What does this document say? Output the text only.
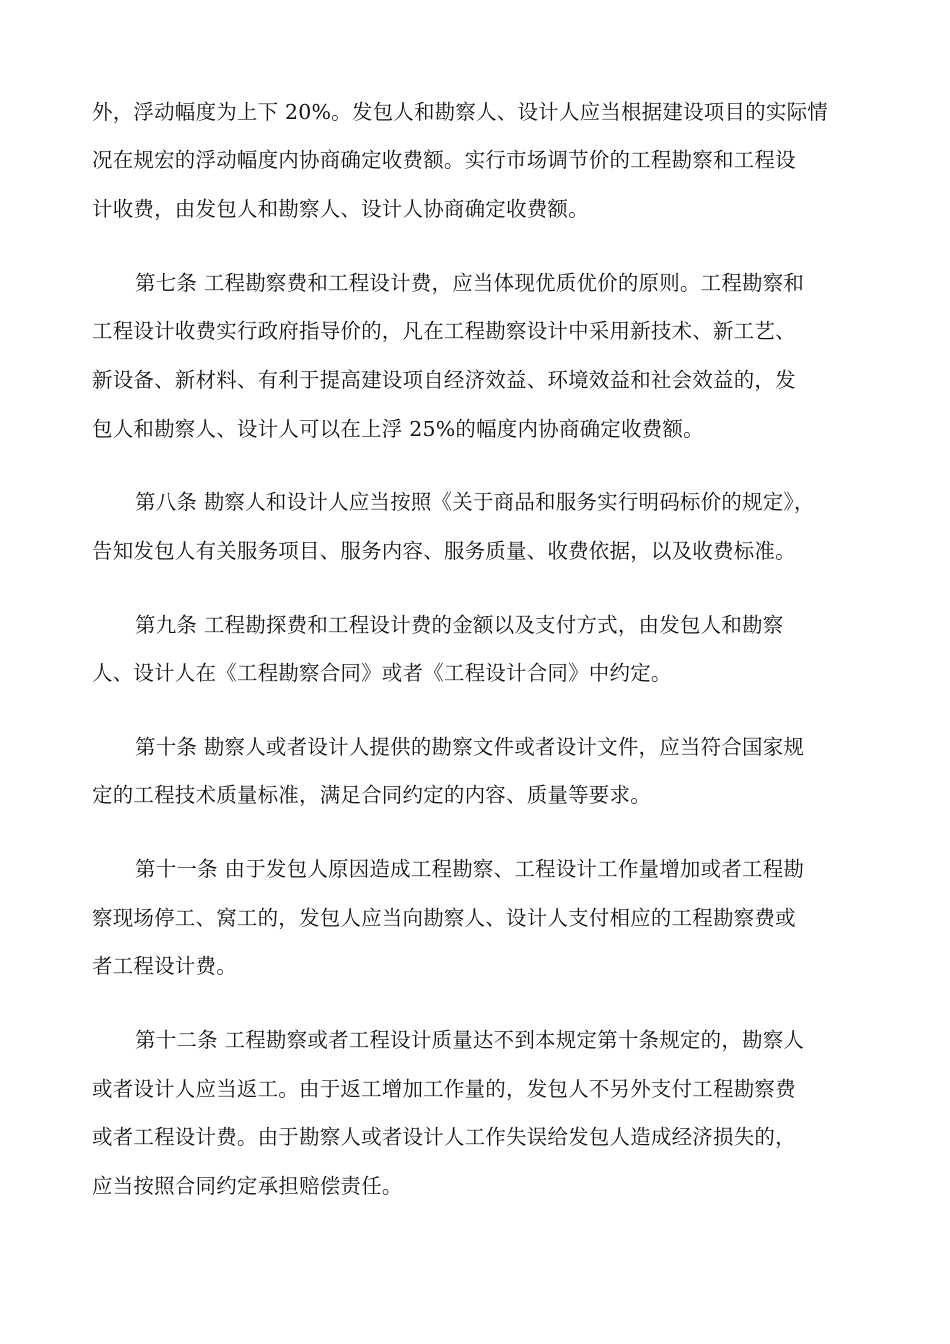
外，浮动幅度为上下 20%。发包人和勘察人、设计人应当根据建设项目的实际情
况在规宏的浮动幅度内协商确定收费额。实行市场调节价的工程勘察和工程设
计收费，由发包人和勘察人、设计人协商确定收费额。
第七条 工程勘察费和工程设计费，应当体现优质优价的原则。工程勘察和
工程设计收费实行政府指导价的，凡在工程勘察设计中采用新技术、新工艺、
新设备、新材料、有利于提高建设项自经济效益、环境效益和社会效益的，发
包人和勘察人、设计人可以在上浮 25%的幅度内协商确定收费额。
第八条 勘察人和设计人应当按照《关于商品和服务实行明码标价的规定》，
告知发包人有关服务项目、服务内容、服务质量、收费依据，以及收费标准。
第九条 工程勘探费和工程设计费的金额以及支付方式，由发包人和勘察
人、设计人在《工程勘察合同》或者《工程设计合同》中约定。
第十条 勘察人或者设计人提供的勘察文件或者设计文件，应当符合国家规
定的工程技术质量标准，满足合同约定的内容、质量等要求。
第十一条 由于发包人原因造成工程勘察、工程设计工作量增加或者工程勘
察现场停工、窝工的，发包人应当向勘察人、设计人支付相应的工程勘察费或
者工程设计费。
第十二条 工程勘察或者工程设计质量达不到本规定第十条规定的，勘察人
或者设计人应当返工。由于返工增加工作量的，发包人不另外支付工程勘察费
或者工程设计费。由于勘察人或者设计人工作失误给发包人造成经济损失的，
应当按照合同约定承担赔偿责任。
